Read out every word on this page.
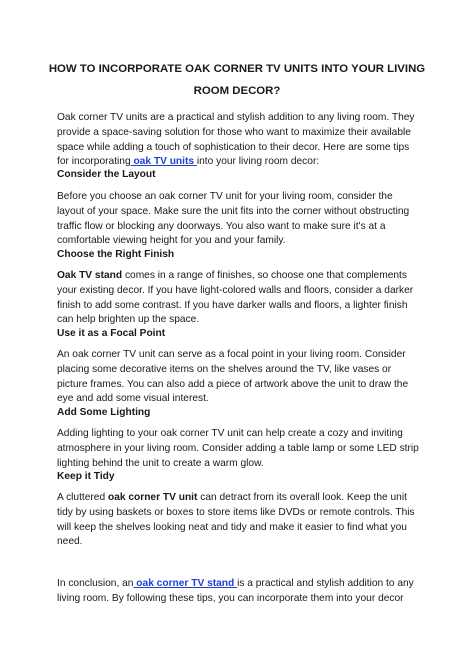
HOW TO INCORPORATE OAK CORNER TV UNITS INTO YOUR LIVING
ROOM DECOR?
Oak corner TV units are a practical and stylish addition to any living room. They provide a space-saving solution for those who want to maximize their available space while adding a touch of sophistication to their decor. Here are some tips for incorporating oak TV units into your living room decor:
Consider the Layout
Before you choose an oak corner TV unit for your living room, consider the layout of your space. Make sure the unit fits into the corner without obstructing traffic flow or blocking any doorways. You also want to make sure it's at a comfortable viewing height for you and your family.
Choose the Right Finish
Oak TV stand comes in a range of finishes, so choose one that complements your existing decor. If you have light-colored walls and floors, consider a darker finish to add some contrast. If you have darker walls and floors, a lighter finish can help brighten up the space.
Use it as a Focal Point
An oak corner TV unit can serve as a focal point in your living room. Consider placing some decorative items on the shelves around the TV, like vases or picture frames. You can also add a piece of artwork above the unit to draw the eye and add some visual interest.
Add Some Lighting
Adding lighting to your oak corner TV unit can help create a cozy and inviting atmosphere in your living room. Consider adding a table lamp or some LED strip lighting behind the unit to create a warm glow.
Keep it Tidy
A cluttered oak corner TV unit can detract from its overall look. Keep the unit tidy by using baskets or boxes to store items like DVDs or remote controls. This will keep the shelves looking neat and tidy and make it easier to find what you need.
In conclusion, an oak corner TV stand is a practical and stylish addition to any living room. By following these tips, you can incorporate them into your decor
